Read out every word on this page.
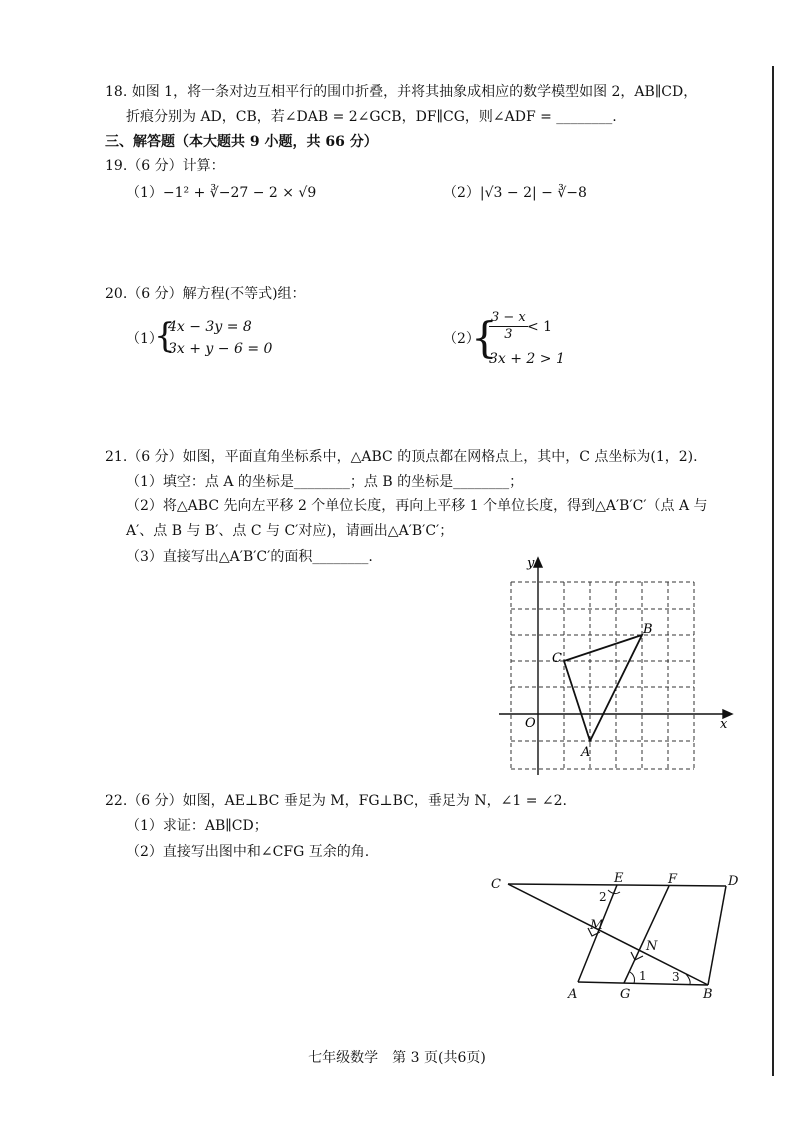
18. 如图 1，将一条对边互相平行的围巾折叠，并将其抽象成相应的数学模型如图 2，AB∥CD，
折痕分别为 AD，CB，若∠DAB = 2∠GCB，DF∥CG，则∠ADF = ________.
三、解答题（本大题共 9 小题，共 66 分）
19.（6 分）计算：
（1）−1² + ∛−27 − 2 × √9	（2）|√3 − 2| − ∛−8
20.（6 分）解方程(不等式)组：
（1）
{
4x − 3y = 8
3x + y − 6 = 0
（2）
{
$\frac{3 - x}{3} < 1$
3x + 2 > 1
21.（6 分）如图，平面直角坐标系中，△ABC 的顶点都在网格点上，其中，C 点坐标为(1，2).
（1）填空：点 A 的坐标是________；点 B 的坐标是________；
（2）将△ABC 先向左平移 2 个单位长度，再向上平移 1 个单位长度，得到△A′B′C′（点 A 与
A′、点 B 与 B′、点 C 与 C′对应)，请画出△A′B′C′；
（3）直接写出△A′B′C′的面积________.
x
y
O
C
B
A
22.（6 分）如图，AE⊥BC 垂足为 M，FG⊥BC，垂足为 N，∠1 = ∠2.
（1）求证：AB∥CD；
（2）直接写出图中和∠CFG 互余的角.
C	E	F	D
M
N
A	G	B
2
1 3
七年级数学　第 3 页(共6页)
